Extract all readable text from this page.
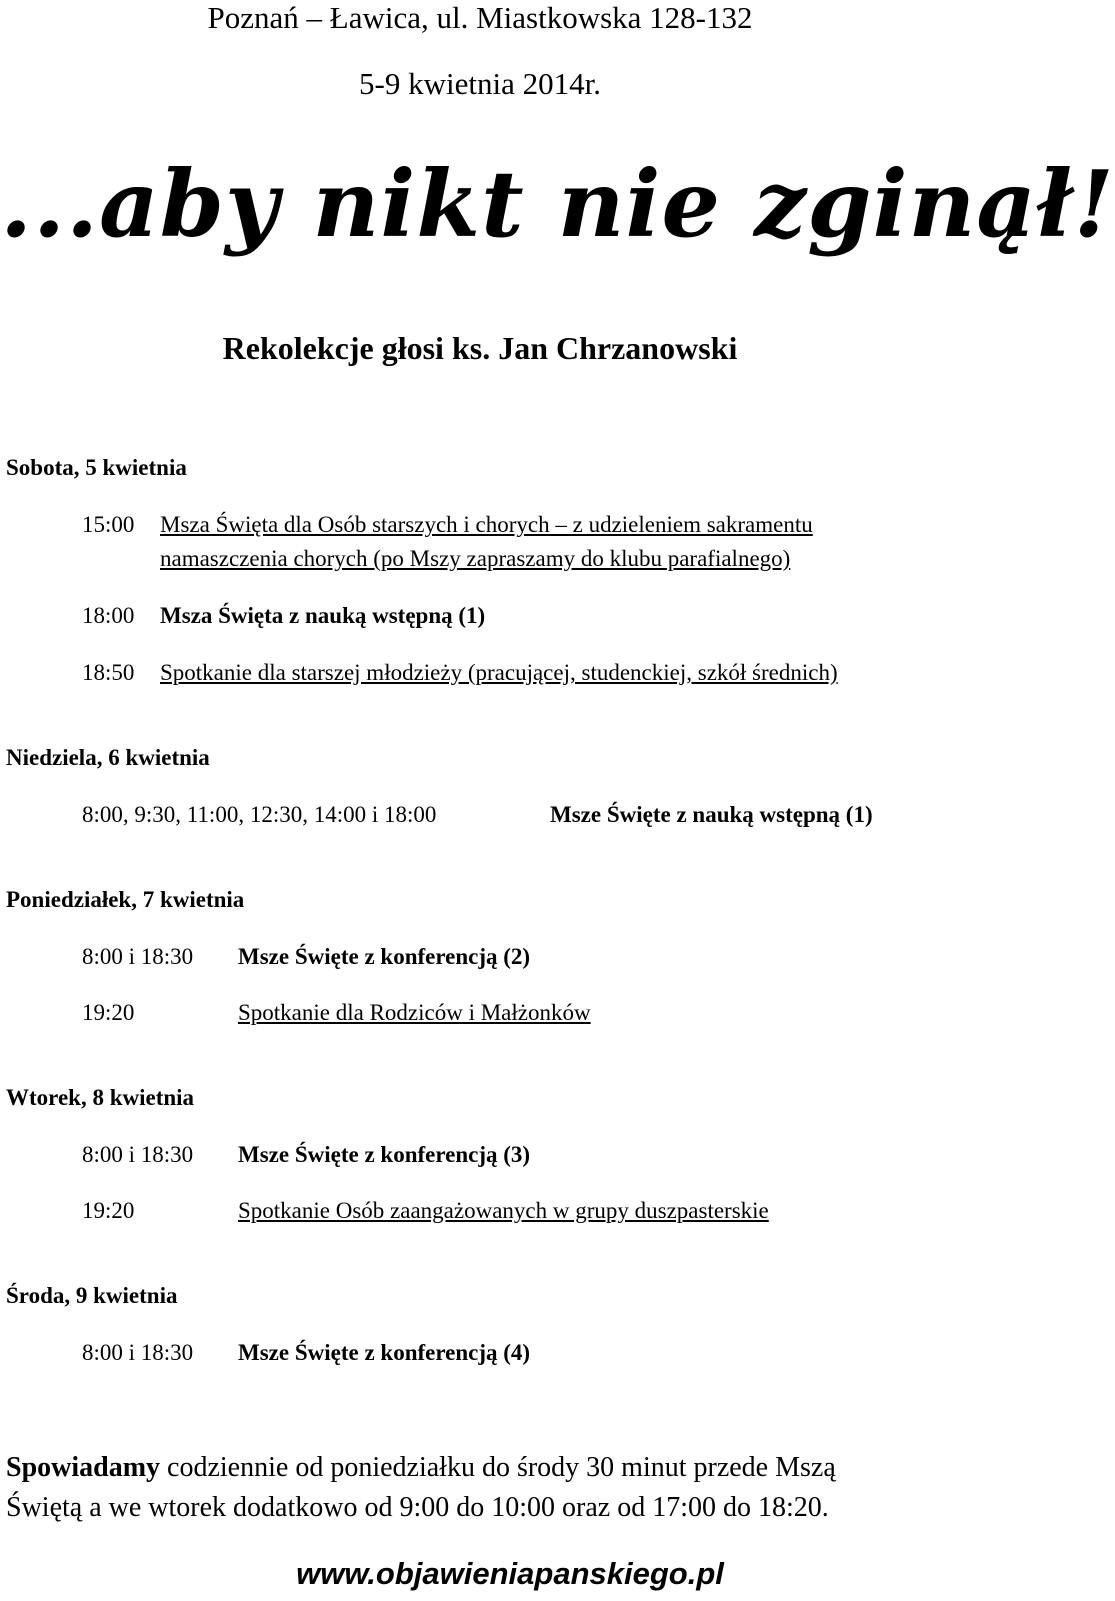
Poznań – Ławica, ul. Miastkowska 128-132
5-9 kwietnia 2014r.
...aby nikt nie zginął!
Rekolekcje głosi ks. Jan Chrzanowski
Sobota, 5 kwietnia
15:00 Msza Święta dla Osób starszych i chorych – z udzieleniem sakramentu
namaszczenia chorych (po Mszy zapraszamy do klubu parafialnego)
18:00 Msza Święta z nauką wstępną (1)
18:50 Spotkanie dla starszej młodzieży (pracującej, studenckiej, szkół średnich)
Niedziela, 6 kwietnia
8:00, 9:30, 11:00, 12:30, 14:00 i 18:00	Msze Święte z nauką wstępną (1)
Poniedziałek, 7 kwietnia
8:00 i 18:30 Msze Święte z konferencją (2)
19:20	Spotkanie dla Rodziców i Małżonków
Wtorek, 8 kwietnia
8:00 i 18:30 Msze Święte z konferencją (3)
19:20	Spotkanie Osób zaangażowanych w grupy duszpasterskie
Środa, 9 kwietnia
8:00 i 18:30 Msze Święte z konferencją (4)
Spowiadamy codziennie od poniedziałku do środy 30 minut przede Mszą
Świętą a we wtorek dodatkowo od 9:00 do 10:00 oraz od 17:00 do 18:20.
www.objawieniapanskiego.pl
